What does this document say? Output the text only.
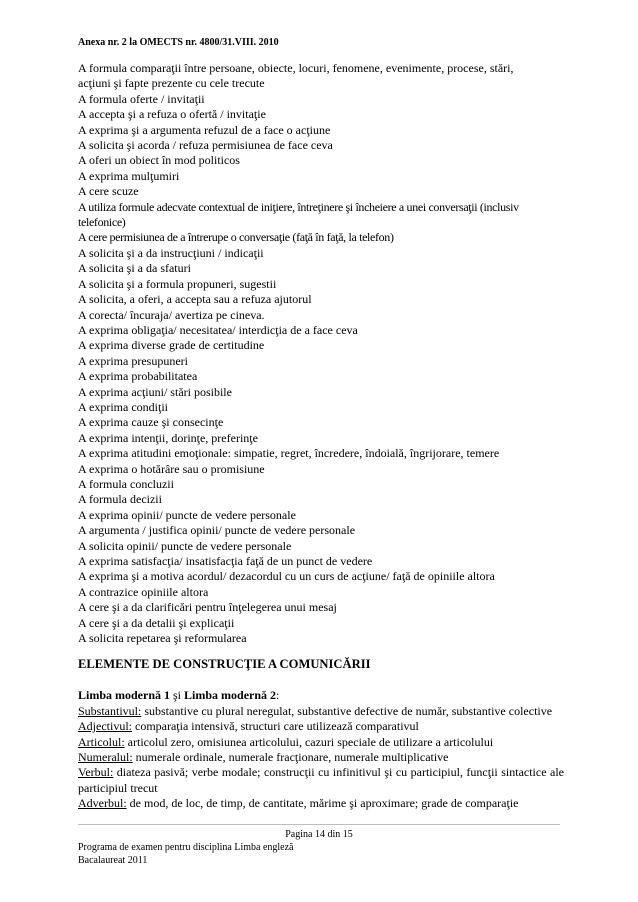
Anexa nr. 2 la OMECTS nr. 4800/31.VIII. 2010
A formula comparaţii între persoane, obiecte, locuri, fenomene, evenimente, procese, stări,
acţiuni şi fapte prezente cu cele trecute
A formula oferte / invitaţii
A accepta şi a refuza o ofertă / invitaţie
A exprima şi a argumenta refuzul de a face o acţiune
A solicita şi acorda / refuza permisiunea de face ceva
A oferi un obiect în mod politicos
A exprima mulţumiri
A cere scuze
A utiliza formule adecvate contextual de iniţiere, întreţinere şi încheiere a unei conversaţii (inclusiv
telefonice)
A cere permisiunea de a întrerupe o conversaţie (faţă în faţă, la telefon)
A solicita şi a da instrucţiuni / indicaţii
A solicita şi a da sfaturi
A solicita şi a formula propuneri, sugestii
A solicita, a oferi, a accepta sau a refuza ajutorul
A corecta/ încuraja/ avertiza pe cineva.
A exprima obligaţia/ necesitatea/ interdicţia de a face ceva
A exprima diverse grade de certitudine
A exprima presupuneri
A exprima probabilitatea
A exprima acţiuni/ stări posibile
A exprima condiţii
A exprima cauze şi consecinţe
A exprima intenţii, dorinţe, preferinţe
A exprima atitudini emoţionale: simpatie, regret, încredere, îndoială, îngrijorare, temere
A exprima o hotărâre sau o promisiune
A formula concluzii
A formula decizii
A exprima opinii/ puncte de vedere personale
A argumenta / justifica opinii/ puncte de vedere personale
A solicita opinii/ puncte de vedere personale
A exprima satisfacţia/ insatisfacţia faţă de un punct de vedere
A exprima şi a motiva acordul/ dezacordul cu un curs de acţiune/ faţă de opiniile altora
A contrazice opiniile altora
A cere şi a da clarificări pentru înţelegerea unui mesaj
A cere şi a da detalii şi explicaţii
A solicita repetarea şi reformularea
ELEMENTE DE CONSTRUCŢIE A COMUNICĂRII
Limba modernă 1 şi Limba modernă 2:

Substantivul: substantive cu plural neregulat, substantive defective de număr, substantive colective

Adjectivul: comparaţia intensivă, structuri care utilizează comparativul

Articolul: articolul zero, omisiunea articolului, cazuri speciale de utilizare a articolului

Numeralul: numerale ordinale, numerale fracţionare, numerale multiplicative

Verbul: diateza pasivă; verbe modale; construcţii cu infinitivul şi cu participiul, funcţii sintactice ale participiul trecut

Adverbul: de mod, de loc, de timp, de cantitate, mărime şi aproximare; grade de comparaţie

Pagina 14 din 15
Programa de examen pentru disciplina Limba engleză
Bacalaureat 2011
